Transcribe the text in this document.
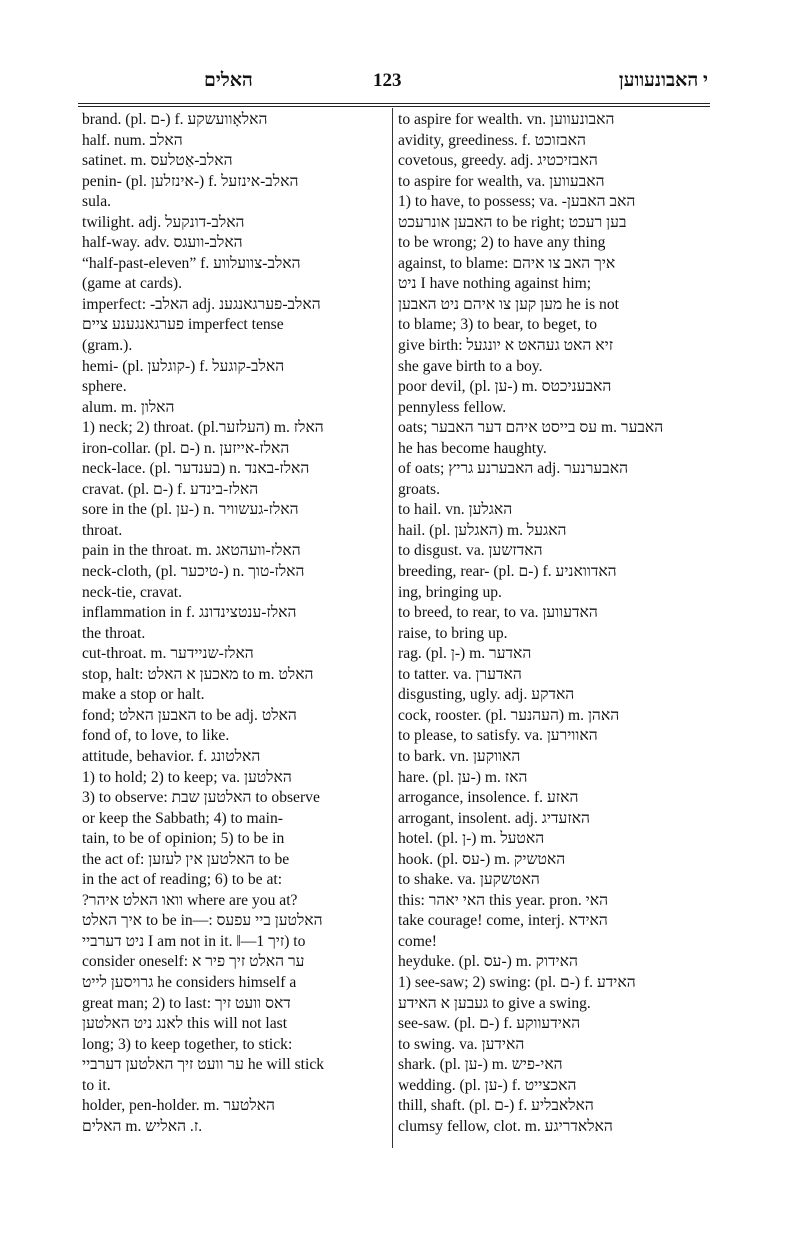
האלים	123	י האבונעווען
brand. (pl. ם-) f. האלאָוועשקע
half. num. האלב
satinet. m. האלב-אַטלעס
penin- (pl. אינזלען-) f. האלב-אינזעל
sula.
twilight. adj. האלב-דונקעל
half-way. adv. האלב-וועגס
“half-past-eleven” f. האלב-צוועלווע
(game at cards).
imperfect: -האלב adj. האלב-פערגאנגענ
פערגאנגענע ציים imperfect tense
(gram.).
hemi- (pl. קוגלען-) f. האלב-קוגעל
sphere.
alum. m. האלון
1) neck; 2) throat. (pl.העלזער) m. האלז
iron-collar. (pl. ם-) n. האלז-אייזען
neck-lace. (pl. בענדער) n. האלז-באנד
cravat. (pl. ם-) f. האלז-בינדע
sore in the (pl. ען-) n. האלז-געשוויר
throat.
pain in the throat. m. האלז-וועהטאג
neck-cloth, (pl. טיכער-) n. האלז-טוך
neck-tie, cravat.
inflammation in f. האלז-ענטצינדונג
the throat.
cut-throat. m. האלז-שניידער
stop, halt: מאכען א האלט to m. האלט
make a stop or halt.
fond; האבען האלט to be adj. האלט
fond of, to love, to like.
attitude, behavior. f. האלטונג
1) to hold; 2) to keep; va. האלטען
3) to observe: האלטען שבת to observe
or keep the Sabbath; 4) to main-
tain, to be of opinion; 5) to be in
the act of: האלטען אין לעזען to be
in the act of reading; 6) to be at:
?וואו האלט איהר where are you at?
איך האלט to be in—: האלטען ביי עפעס
ניט דערביי I am not in it. ‖—זיך 1) to
consider oneself: ער האלט זיך פיר א
גרויסען לייט he considers himself a
great man; 2) to last: דאס וועט זיך
לאנג ניט האלטען this will not last
long; 3) to keep together, to stick:
ער וועט זיך האלטען דערביי he will stick
to it.
holder, pen-holder. m. האלטער
האלים m. ז. האליש.
to aspire for wealth. vn. האבונעווען
avidity, greediness. f. האבזוכט
covetous, greedy. adj. האבזיכטיג
to aspire for wealth, va. האבעווען
1) to have, to possess; va. -האב האבען
האבען אונרעכט to be right; בען רעכט
to be wrong; 2) to have any thing
against, to blame: איך האב צו איהם
ניט I have nothing against him;
מען קען צו איהם ניט האבען he is not
to blame; 3) to bear, to beget, to
give birth: זיא האט געהאט א יונגעל
she gave birth to a boy.
poor devil, (pl. ען-) m. האבעניכטס
pennyless fellow.
oats; עס בייסט איהם דער האבער m. האבער
he has become haughty.
of oats; האבערנע גריץ adj. האבערנער
groats.
to hail. vn. האגלען
hail. (pl. האגלען) m. האגעל
to disgust. va. האדזשען
breeding, rear- (pl. ם-) f. האדוואניע
ing, bringing up.
to breed, to rear, to va. האדעווען
raise, to bring up.
rag. (pl. ן-) m. האדער
to tatter. va. האדערן
disgusting, ugly. adj. האדקע
cock, rooster. (pl. העהנער) m. האהן
to please, to satisfy. va. האווירען
to bark. vn. האווקען
hare. (pl. ען-) m. האז
arrogance, insolence. f. האזע
arrogant, insolent. adj. האזעדיג
hotel. (pl. ן-) m. האטעל
hook. (pl. עס-) m. האטשיק
to shake. va. האטשקען
this: האי יאהר this year. pron. האי
take courage! come, interj. האידא
come!
heyduke. (pl. עס-) m. האידוק
1) see-saw; 2) swing: (pl. ם-) f. האידע
געבען א האידע to give a swing.
see-saw. (pl. ם-) f. האידעווקע
to swing. va. האידען
shark. (pl. ען-) m. האי-פיש
wedding. (pl. ען-) f. האכצייט
thill, shaft. (pl. ם-) f. האלאבליע
clumsy fellow, clot. m. האלאדריגע
